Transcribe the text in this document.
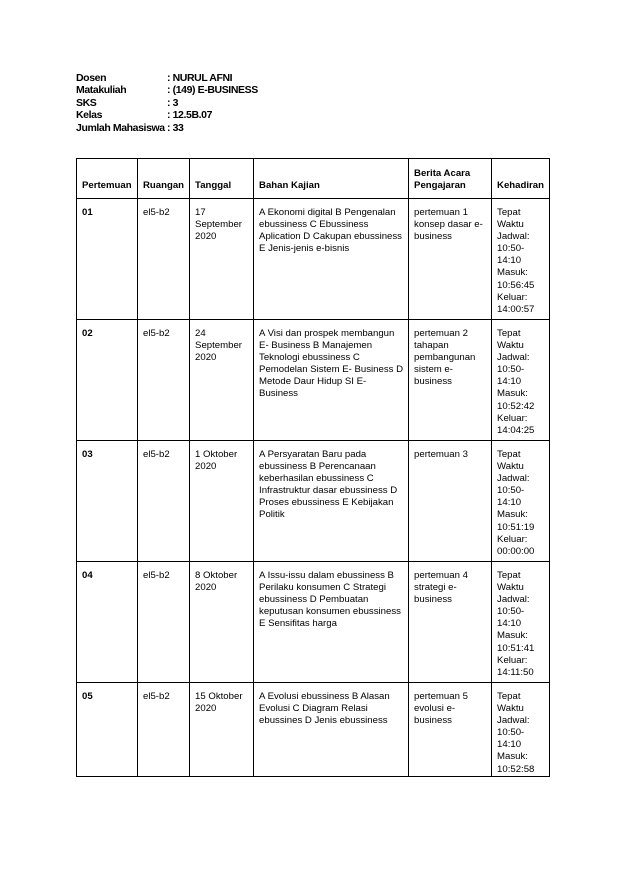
Dosen	: NURUL AFNI
Matakuliah	: (149) E-BUSINESS
SKS	: 3
Kelas	: 12.5B.07
Jumlah Mahasiswa : 33
Pertemuan	Ruangan	Tanggal	Bahan Kajian	Berita Acara Pengajaran	Kehadiran
01	el5-b2	17 September 2020	A Ekonomi digital B Pengenalan ebussiness C Ebussiness Aplication D Cakupan ebussiness E Jenis-jenis e-bisnis	pertemuan 1 konsep dasar e-business	Tepat Waktu Jadwal: 10:50-14:10 Masuk: 10:56:45 Keluar: 14:00:57
02	el5-b2	24 September 2020	A Visi dan prospek membangun E- Business B Manajemen Teknologi ebussiness C Pemodelan Sistem E- Business D Metode Daur Hidup SI E- Business	pertemuan 2 tahapan pembangunan sistem e-business	Tepat Waktu Jadwal: 10:50-14:10 Masuk: 10:52:42 Keluar: 14:04:25
03	el5-b2	1 Oktober 2020	A Persyaratan Baru pada ebussiness B Perencanaan keberhasilan ebussiness C Infrastruktur dasar ebussiness D Proses ebussiness E Kebijakan Politik	pertemuan 3	Tepat Waktu Jadwal: 10:50-14:10 Masuk: 10:51:19 Keluar: 00:00:00
04	el5-b2	8 Oktober 2020	A Issu-issu dalam ebussiness B Perilaku konsumen C Strategi ebussiness D Pembuatan keputusan konsumen ebussiness E Sensifitas harga	pertemuan 4 strategi e-business	Tepat Waktu Jadwal: 10:50-14:10 Masuk: 10:51:41 Keluar: 14:11:50
05	el5-b2	15 Oktober 2020	A Evolusi ebussiness B Alasan Evolusi C Diagram Relasi ebussines D Jenis ebussiness	pertemuan 5 evolusi e-business	Tepat Waktu Jadwal: 10:50-14:10 Masuk: 10:52:58
